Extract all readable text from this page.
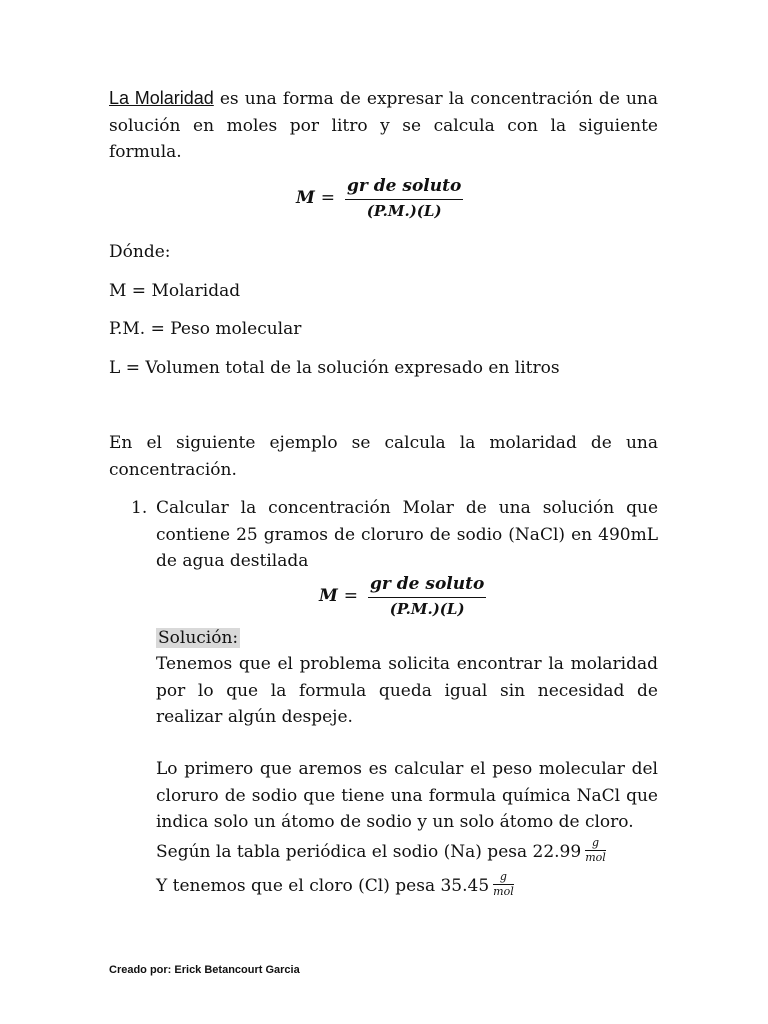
La Molaridad es una forma de expresar la concentración de una solución en moles por litro y se calcula con la siguiente formula.

$M = \frac{\text{gr de soluto}}{(P.M.)(L)}$

Dónde:

M = Molaridad

P.M. = Peso molecular

L = Volumen total de la solución expresado en litros

En el siguiente ejemplo se calcula la molaridad de una concentración.

1. Calcular la concentración Molar de una solución que contiene 25 gramos de cloruro de sodio (NaCl) en 490mL de agua destilada

$M = \frac{\text{gr de soluto}}{(P.M.)(L)}$

Solución:

Tenemos que el problema solicita encontrar la molaridad por lo que la formula queda igual sin necesidad de realizar algún despeje.

Lo primero que aremos es calcular el peso molecular del cloruro de sodio que tiene una formula química NaCl que indica solo un átomo de sodio y un solo átomo de cloro.

Según la tabla periódica el sodio (Na) pesa $22.99 \frac{g}{\text{mol}}$

Y tenemos que el cloro (Cl) pesa $35.45 \frac{g}{\text{mol}}$

Creado por: Erick Betancourt Garcia
